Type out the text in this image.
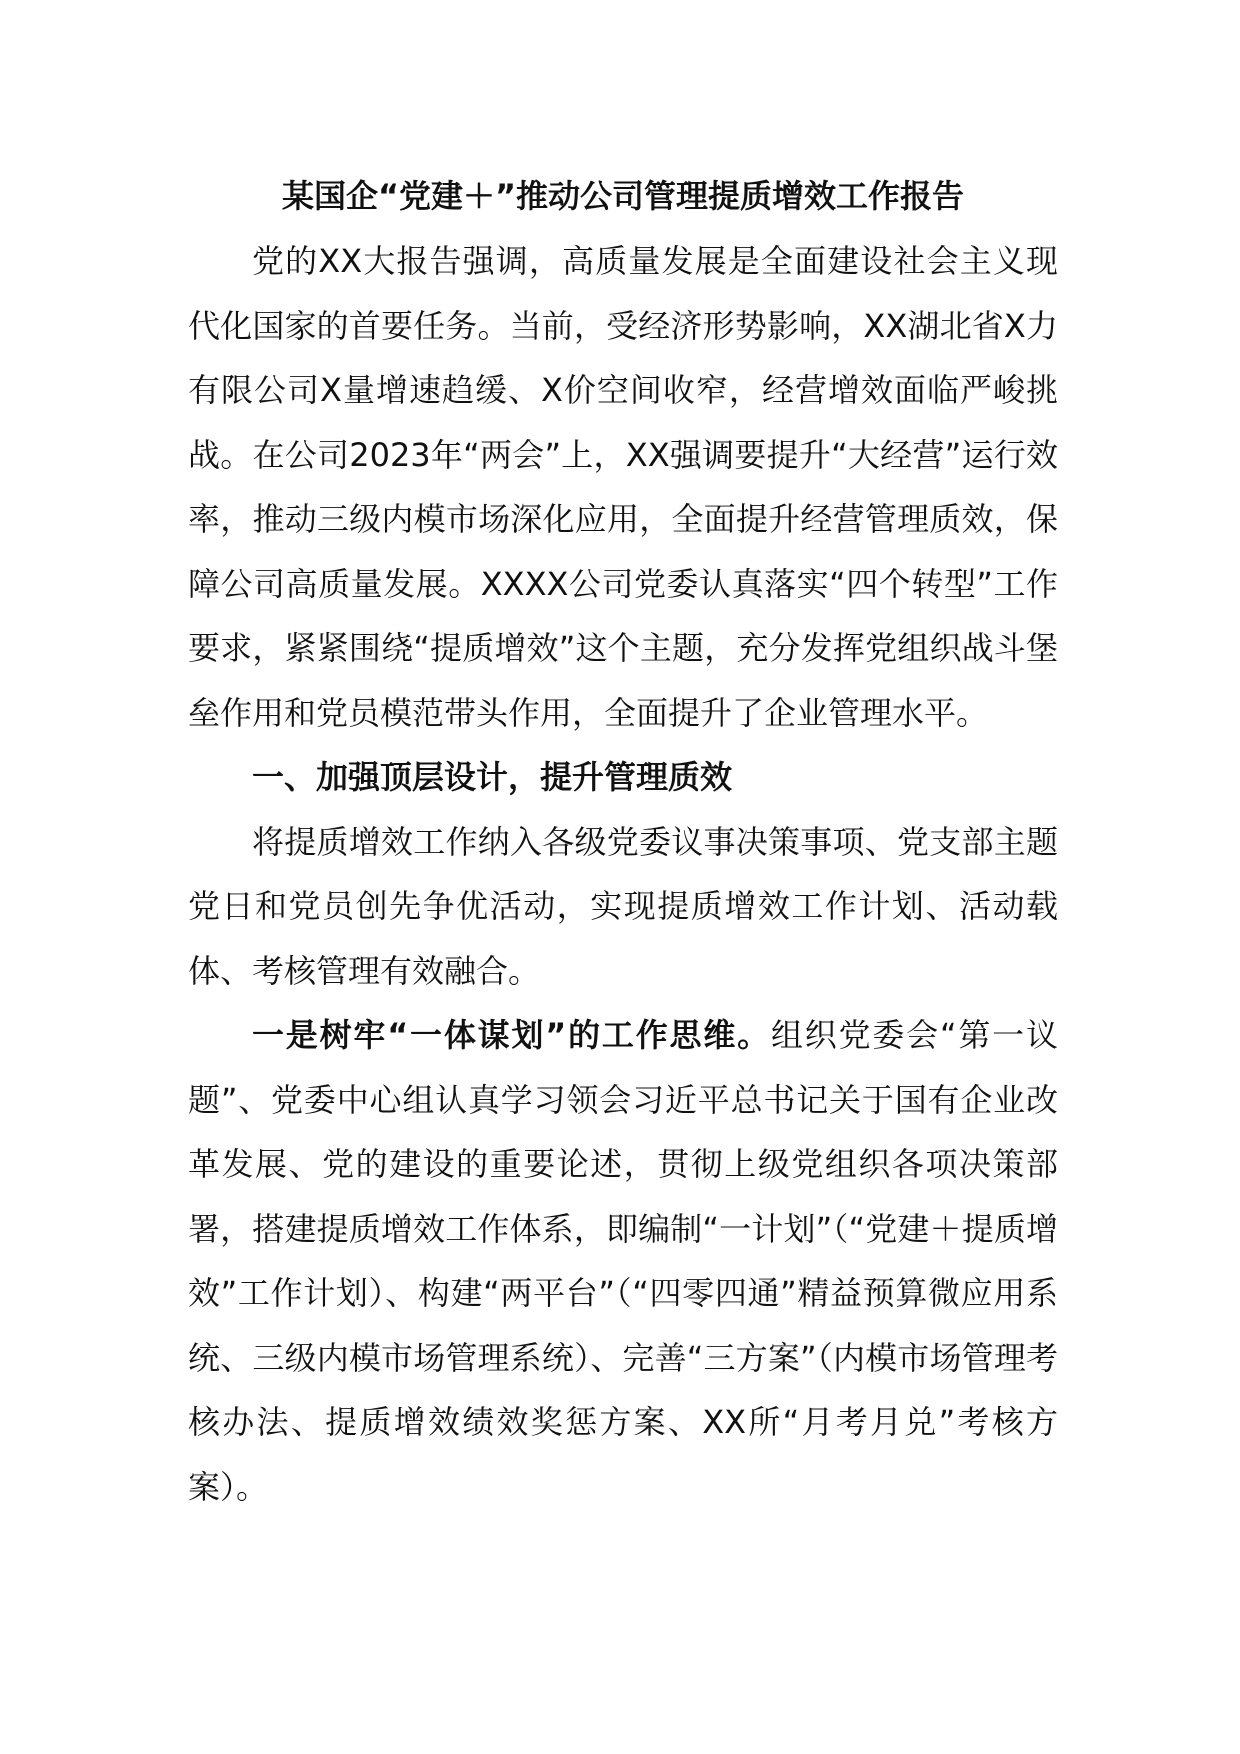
某国企“党建＋”推动公司管理提质增效工作报告

党的XX大报告强调，高质量发展是全面建设社会主义现代化国家的首要任务。当前，受经济形势影响，XX湖北省X力有限公司X量增速趋缓、X价空间收窄，经营增效面临严峻挑战。在公司2023年“两会”上，XX强调要提升“大经营”运行效率，推动三级内模市场深化应用，全面提升经营管理质效，保障公司高质量发展。XXXX公司党委认真落实“四个转型”工作要求，紧紧围绕“提质增效”这个主题，充分发挥党组织战斗堡垒作用和党员模范带头作用，全面提升了企业管理水平。

一、加强顶层设计，提升管理质效

将提质增效工作纳入各级党委议事决策事项、党支部主题党日和党员创先争优活动，实现提质增效工作计划、活动载体、考核管理有效融合。

一是树牢“一体谋划”的工作思维。组织党委会“第一议题”、党委中心组认真学习领会习近平总书记关于国有企业改革发展、党的建设的重要论述，贯彻上级党组织各项决策部署，搭建提质增效工作体系，即编制“一计划”（“党建＋提质增效”工作计划）、构建“两平台”（“四零四通”精益预算微应用系统、三级内模市场管理系统）、完善“三方案”（内模市场管理考核办法、提质增效绩效奖惩方案、XX所“月考月兑”考核方案）。
